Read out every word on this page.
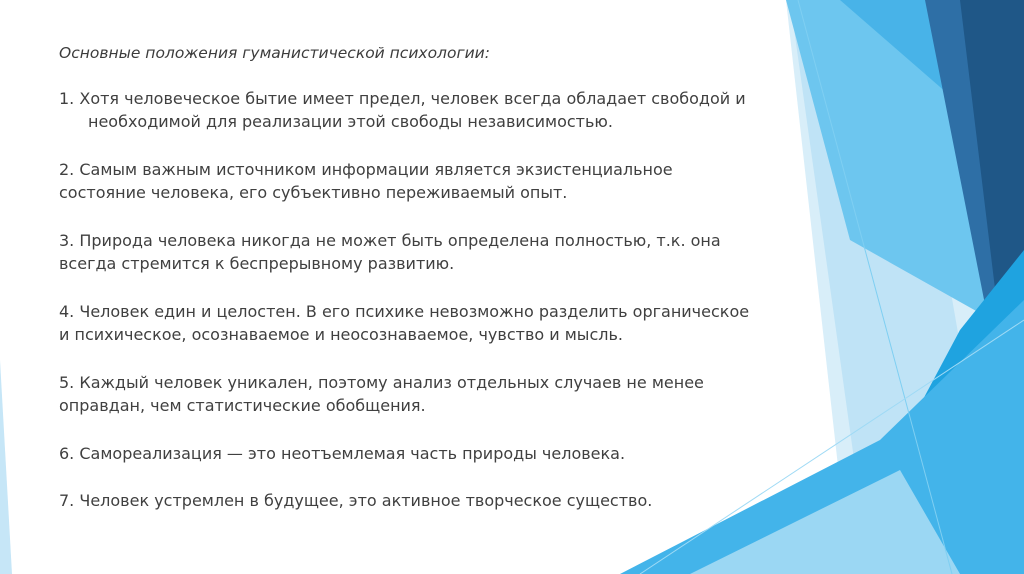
Основные положения гуманистической психологии:

1. Хотя человеческое бытие имеет предел, человек всегда обладает свободой и необходимой для реализации этой свободы независимостью.

2. Самым важным источником информации является экзистенциальное состояние человека, его субъективно переживаемый опыт.

3. Природа человека никогда не может быть определена полностью, т.к. она всегда стремится к беспрерывному развитию.

4. Человек един и целостен. В его психике невозможно разделить органическое и психическое, осознаваемое и неосознаваемое, чувство и мысль.

5. Каждый человек уникален, поэтому анализ отдельных случаев не менее оправдан, чем статистические обобщения.

6. Самореализация — это неотъемлемая часть природы человека.

7. Человек устремлен в будущее, это активное творческое существо.
